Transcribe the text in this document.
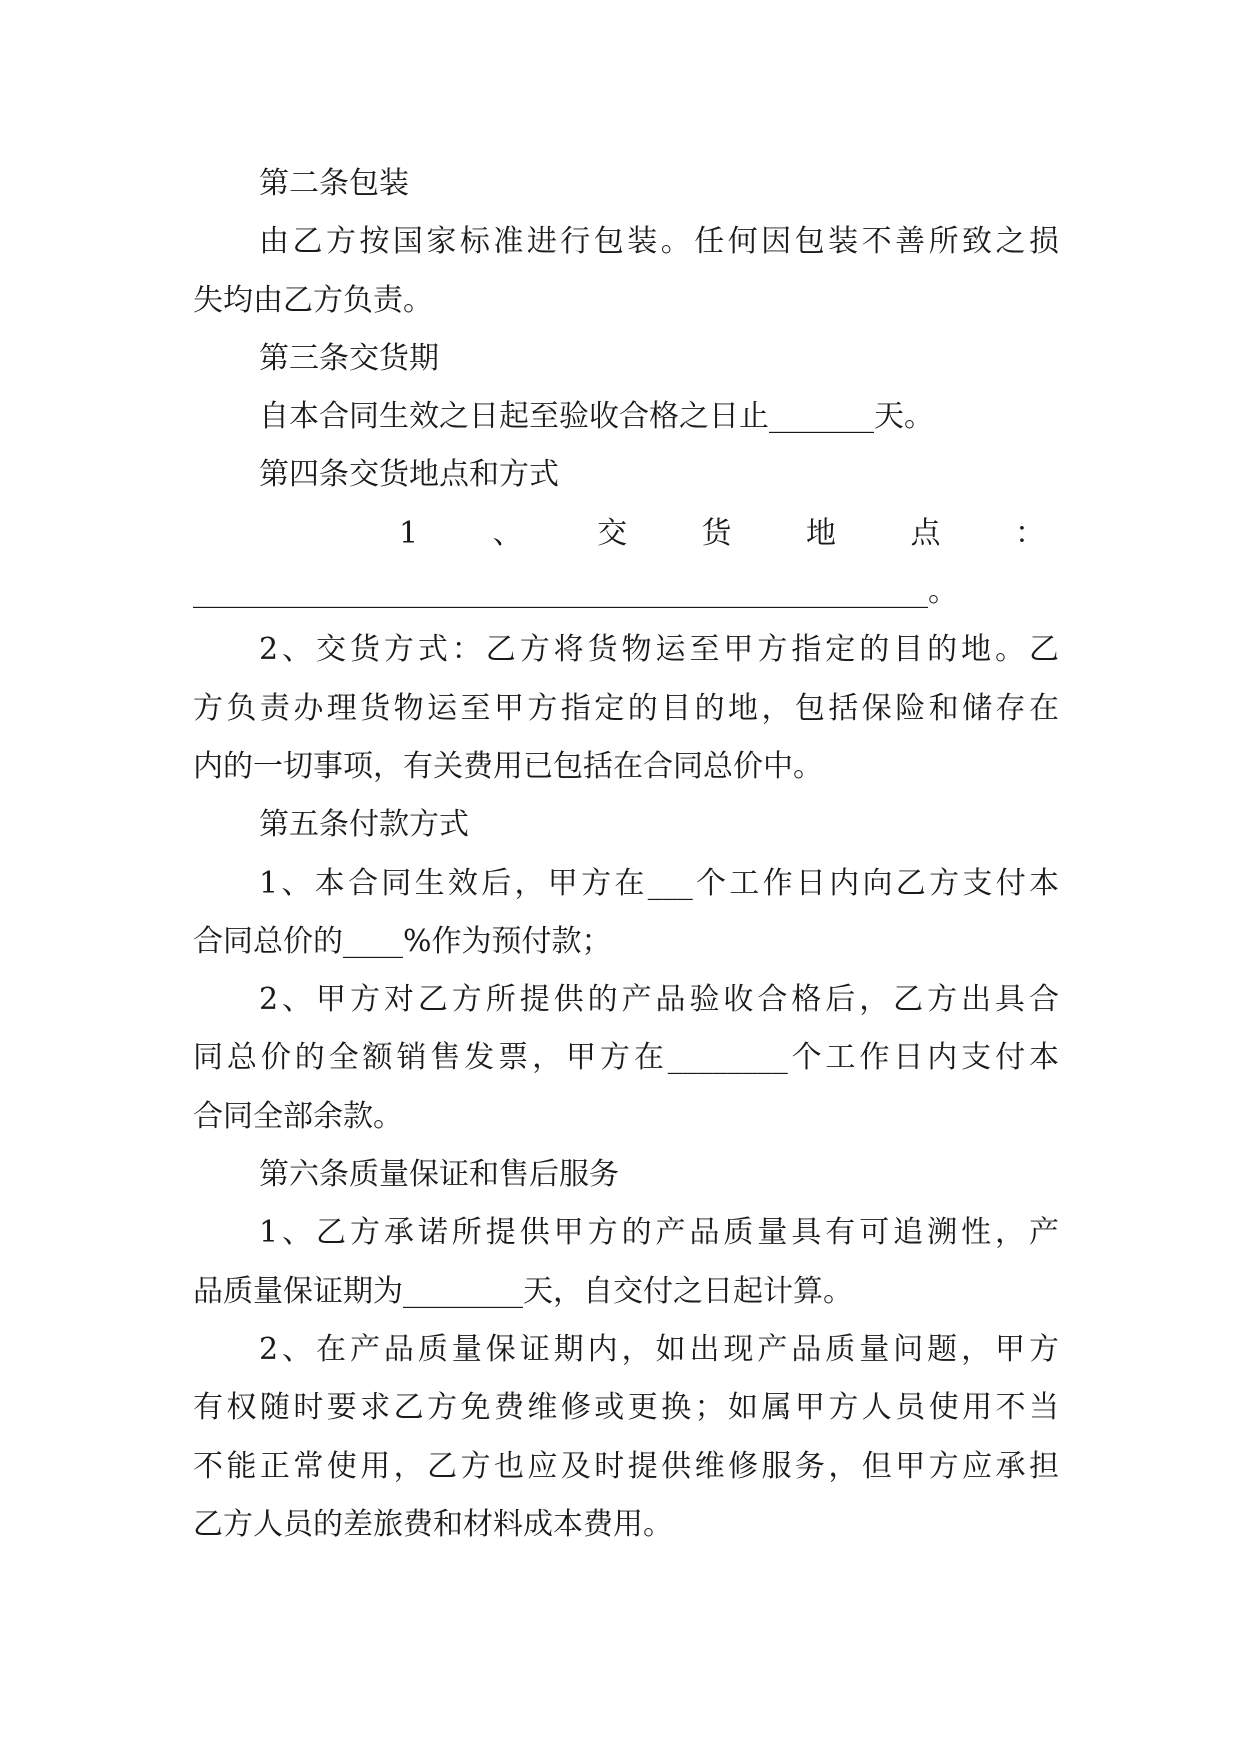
第二条包装
由乙方按国家标准进行包装。任何因包装不善所致之损
失均由乙方负责。
第三条交货期
自本合同生效之日起至验收合格之日止_______天。
第四条交货地点和方式
1 、 交 货 地 点 ：
_________________________________________________。
2、交货方式：乙方将货物运至甲方指定的目的地。乙
方负责办理货物运至甲方指定的目的地，包括保险和储存在
内的一切事项，有关费用已包括在合同总价中。
第五条付款方式
1、本合同生效后，甲方在___个工作日内向乙方支付本
合同总价的____%作为预付款；
2、甲方对乙方所提供的产品验收合格后，乙方出具合
同总价的全额销售发票，甲方在________个工作日内支付本
合同全部余款。
第六条质量保证和售后服务
1、乙方承诺所提供甲方的产品质量具有可追溯性，产
品质量保证期为________天，自交付之日起计算。
2、在产品质量保证期内，如出现产品质量问题，甲方
有权随时要求乙方免费维修或更换；如属甲方人员使用不当
不能正常使用，乙方也应及时提供维修服务，但甲方应承担
乙方人员的差旅费和材料成本费用。
